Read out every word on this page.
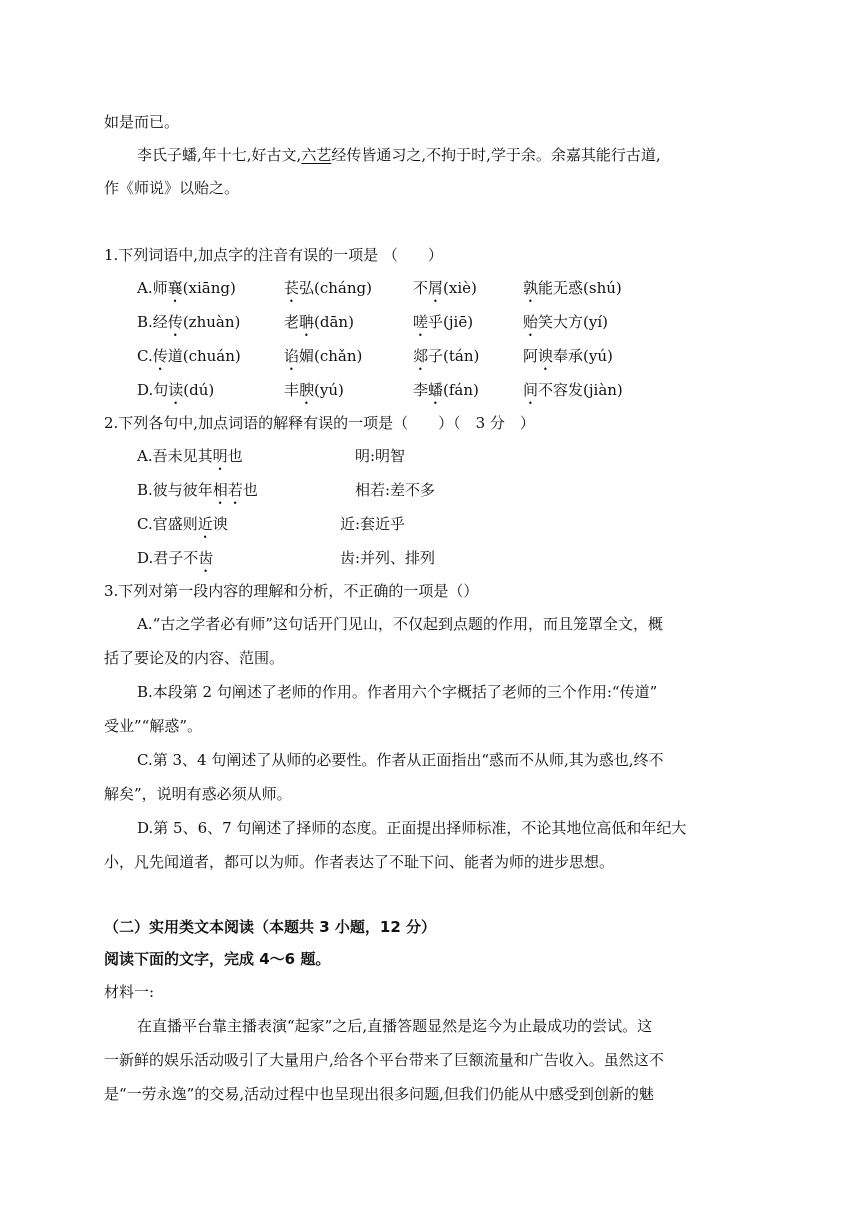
如是而已。
李氏子蟠,年十七,好古文,六艺经传皆通习之,不拘于时,学于余。余嘉其能行古道,
作《师说》以贻之。
1.下列词语中,加点字的注音有误的一项是 （　　）
A.师襄(xiāng)	苌弘(cháng)	不屑(xiè)	孰能无惑(shú)
B.经传(zhuàn)	老聃(dān)	嗟乎(jiē)	贻笑大方(yí)
C.传道(chuán)	谄媚(chǎn)	郯子(tán)	阿谀奉承(yú)
D.句读(dú)	丰腴(yú)	李蟠(fán)	间不容发(jiàn)
2.下列各句中,加点词语的解释有误的一项是（　　）（　3 分　）
A.吾未见其明也	明:明智
B.彼与彼年相若也	相若:差不多
C.官盛则近谀	近:套近乎
D.君子不齿	齿:并列、排列
3.下列对第一段内容的理解和分析，不正确的一项是（）
A.“古之学者必有师”这句话开门见山，不仅起到点题的作用，而且笼罩全文，概
括了要论及的内容、范围。
B.本段第 2 句阐述了老师的作用。作者用六个字概括了老师的三个作用:“传道”
受业”“解惑”。
C.第 3、4 句阐述了从师的必要性。作者从正面指出“惑而不从师,其为惑也,终不
解矣”，说明有惑必须从师。
D.第 5、6、7 句阐述了择师的态度。正面提出择师标准，不论其地位高低和年纪大
小，凡先闻道者，都可以为师。作者表达了不耻下问、能者为师的进步思想。
（二）实用类文本阅读（本题共 3 小题，12 分）
阅读下面的文字，完成 4～6 题。
材料一:
在直播平台靠主播表演“起家”之后,直播答题显然是迄今为止最成功的尝试。这
一新鲜的娱乐活动吸引了大量用户,给各个平台带来了巨额流量和广告收入。虽然这不
是“一劳永逸”的交易,活动过程中也呈现出很多问题,但我们仍能从中感受到创新的魅
